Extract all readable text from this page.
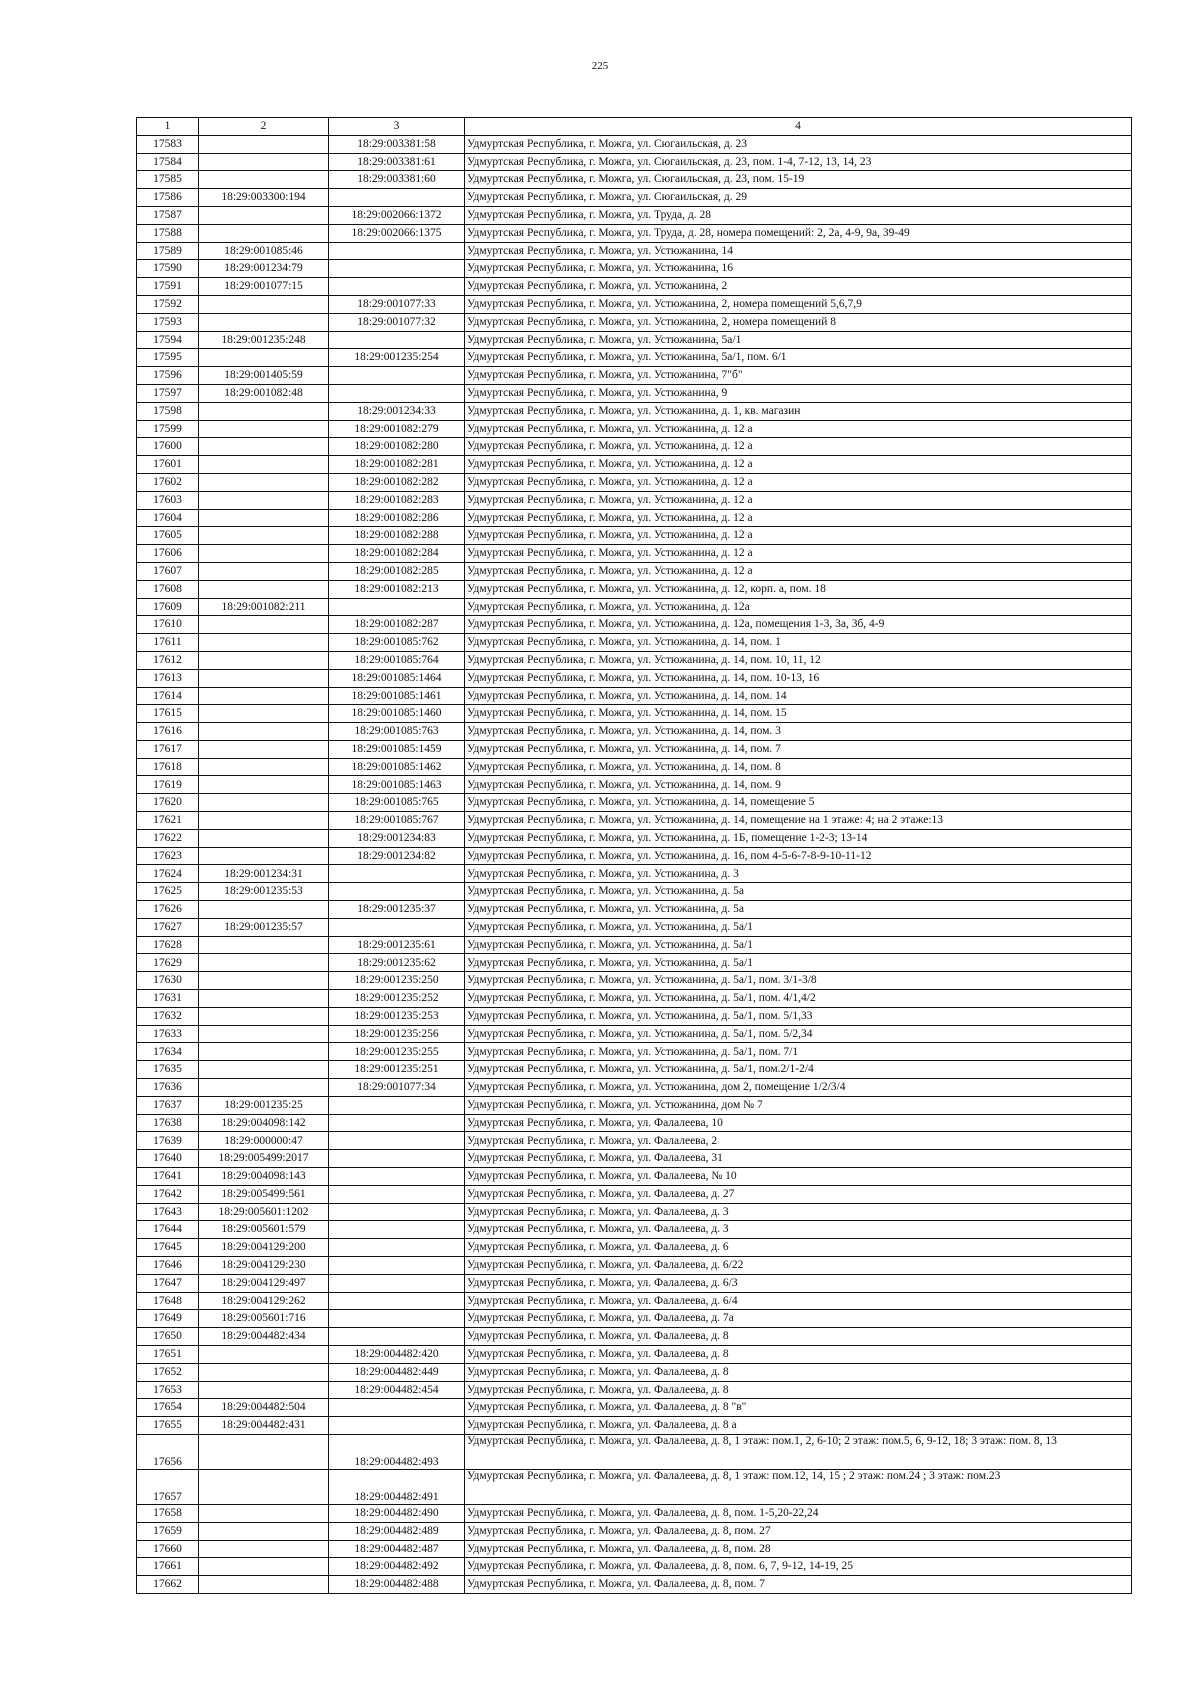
225
1	2	3	4
17583		18:29:003381:58	Удмуртская Республика, г. Можга, ул. Сюгаильская, д. 23
17584		18:29:003381:61	Удмуртская Республика, г. Можга, ул. Сюгаильская, д. 23, пом. 1-4, 7-12, 13, 14, 23
17585		18:29:003381:60	Удмуртская Республика, г. Можга, ул. Сюгаильская, д. 23, пом. 15-19
17586	18:29:003300:194		Удмуртская Республика, г. Можга, ул. Сюгаильская, д. 29
17587		18:29:002066:1372	Удмуртская Республика, г. Можга, ул. Труда, д. 28
17588		18:29:002066:1375	Удмуртская Республика, г. Можга, ул. Труда, д. 28, номера помещений: 2, 2а, 4-9, 9а, 39-49
17589	18:29:001085:46		Удмуртская Республика, г. Можга, ул. Устюжанина, 14
17590	18:29:001234:79		Удмуртская Республика, г. Можга, ул. Устюжанина, 16
17591	18:29:001077:15		Удмуртская Республика, г. Можга, ул. Устюжанина, 2
17592		18:29:001077:33	Удмуртская Республика, г. Можга, ул. Устюжанина, 2, номера помещений 5,6,7,9
17593		18:29:001077:32	Удмуртская Республика, г. Можга, ул. Устюжанина, 2, номера помещений 8
17594	18:29:001235:248		Удмуртская Республика, г. Можга, ул. Устюжанина, 5а/1
17595		18:29:001235:254	Удмуртская Республика, г. Можга, ул. Устюжанина, 5а/1, пом. 6/1
17596	18:29:001405:59		Удмуртская Республика, г. Можга, ул. Устюжанина, 7"б"
17597	18:29:001082:48		Удмуртская Республика, г. Можга, ул. Устюжанина, 9
17598		18:29:001234:33	Удмуртская Республика, г. Можга, ул. Устюжанина, д. 1, кв. магазин
17599		18:29:001082:279	Удмуртская Республика, г. Можга, ул. Устюжанина, д. 12 а
17600		18:29:001082:280	Удмуртская Республика, г. Можга, ул. Устюжанина, д. 12 а
17601		18:29:001082:281	Удмуртская Республика, г. Можга, ул. Устюжанина, д. 12 а
17602		18:29:001082:282	Удмуртская Республика, г. Можга, ул. Устюжанина, д. 12 а
17603		18:29:001082:283	Удмуртская Республика, г. Можга, ул. Устюжанина, д. 12 а
17604		18:29:001082:286	Удмуртская Республика, г. Можга, ул. Устюжанина, д. 12 а
17605		18:29:001082:288	Удмуртская Республика, г. Можга, ул. Устюжанина, д. 12 а
17606		18:29:001082:284	Удмуртская Республика, г. Можга, ул. Устюжанина, д. 12 а
17607		18:29:001082:285	Удмуртская Республика, г. Можга, ул. Устюжанина, д. 12 а
17608		18:29:001082:213	Удмуртская Республика, г. Можга, ул. Устюжанина, д. 12, корп. а, пом. 18
17609	18:29:001082:211		Удмуртская Республика, г. Можга, ул. Устюжанина, д. 12а
17610		18:29:001082:287	Удмуртская Республика, г. Можга, ул. Устюжанина, д. 12а, помещения 1-3, 3а, 3б, 4-9
17611		18:29:001085:762	Удмуртская Республика, г. Можга, ул. Устюжанина, д. 14, пом. 1
17612		18:29:001085:764	Удмуртская Республика, г. Можга, ул. Устюжанина, д. 14, пом. 10, 11, 12
17613		18:29:001085:1464	Удмуртская Республика, г. Можга, ул. Устюжанина, д. 14, пом. 10-13, 16
17614		18:29:001085:1461	Удмуртская Республика, г. Можга, ул. Устюжанина, д. 14, пом. 14
17615		18:29:001085:1460	Удмуртская Республика, г. Можга, ул. Устюжанина, д. 14, пом. 15
17616		18:29:001085:763	Удмуртская Республика, г. Можга, ул. Устюжанина, д. 14, пом. 3
17617		18:29:001085:1459	Удмуртская Республика, г. Можга, ул. Устюжанина, д. 14, пом. 7
17618		18:29:001085:1462	Удмуртская Республика, г. Можга, ул. Устюжанина, д. 14, пом. 8
17619		18:29:001085:1463	Удмуртская Республика, г. Можга, ул. Устюжанина, д. 14, пом. 9
17620		18:29:001085:765	Удмуртская Республика, г. Можга, ул. Устюжанина, д. 14, помещение 5
17621		18:29:001085:767	Удмуртская Республика, г. Можга, ул. Устюжанина, д. 14, помещение на 1 этаже: 4; на 2 этаже:13
17622		18:29:001234:83	Удмуртская Республика, г. Можга, ул. Устюжанина, д. 1Б, помещение 1-2-3; 13-14
17623		18:29:001234:82	Удмуртская Республика, г. Можга, ул. Устюжанина, д. 16, пом 4-5-6-7-8-9-10-11-12
17624	18:29:001234:31		Удмуртская Республика, г. Можга, ул. Устюжанина, д. 3
17625	18:29:001235:53		Удмуртская Республика, г. Можга, ул. Устюжанина, д. 5а
17626		18:29:001235:37	Удмуртская Республика, г. Можга, ул. Устюжанина, д. 5а
17627	18:29:001235:57		Удмуртская Республика, г. Можга, ул. Устюжанина, д. 5а/1
17628		18:29:001235:61	Удмуртская Республика, г. Можга, ул. Устюжанина, д. 5а/1
17629		18:29:001235:62	Удмуртская Республика, г. Можга, ул. Устюжанина, д. 5а/1
17630		18:29:001235:250	Удмуртская Республика, г. Можга, ул. Устюжанина, д. 5а/1, пом. 3/1-3/8
17631		18:29:001235:252	Удмуртская Республика, г. Можга, ул. Устюжанина, д. 5а/1, пом. 4/1,4/2
17632		18:29:001235:253	Удмуртская Республика, г. Можга, ул. Устюжанина, д. 5а/1, пом. 5/1,33
17633		18:29:001235:256	Удмуртская Республика, г. Можга, ул. Устюжанина, д. 5а/1, пом. 5/2,34
17634		18:29:001235:255	Удмуртская Республика, г. Можга, ул. Устюжанина, д. 5а/1, пом. 7/1
17635		18:29:001235:251	Удмуртская Республика, г. Можга, ул. Устюжанина, д. 5а/1, пом.2/1-2/4
17636		18:29:001077:34	Удмуртская Республика, г. Можга, ул. Устюжанина, дом 2, помещение 1/2/3/4
17637	18:29:001235:25		Удмуртская Республика, г. Можга, ул. Устюжанина, дом № 7
17638	18:29:004098:142		Удмуртская Республика, г. Можга, ул. Фалалеева, 10
17639	18:29:000000:47		Удмуртская Республика, г. Можга, ул. Фалалеева, 2
17640	18:29:005499:2017		Удмуртская Республика, г. Можга, ул. Фалалеева, 31
17641	18:29:004098:143		Удмуртская Республика, г. Можга, ул. Фалалеева, № 10
17642	18:29:005499:561		Удмуртская Республика, г. Можга, ул. Фалалеева, д. 27
17643	18:29:005601:1202		Удмуртская Республика, г. Можга, ул. Фалалеева, д. 3
17644	18:29:005601:579		Удмуртская Республика, г. Можга, ул. Фалалеева, д. 3
17645	18:29:004129:200		Удмуртская Республика, г. Можга, ул. Фалалеева, д. 6
17646	18:29:004129:230		Удмуртская Республика, г. Можга, ул. Фалалеева, д. 6/22
17647	18:29:004129:497		Удмуртская Республика, г. Можга, ул. Фалалеева, д. 6/3
17648	18:29:004129:262		Удмуртская Республика, г. Можга, ул. Фалалеева, д. 6/4
17649	18:29:005601:716		Удмуртская Республика, г. Можга, ул. Фалалеева, д. 7а
17650	18:29:004482:434		Удмуртская Республика, г. Можга, ул. Фалалеева, д. 8
17651		18:29:004482:420	Удмуртская Республика, г. Можга, ул. Фалалеева, д. 8
17652		18:29:004482:449	Удмуртская Республика, г. Можга, ул. Фалалеева, д. 8
17653		18:29:004482:454	Удмуртская Республика, г. Можга, ул. Фалалеева, д. 8
17654	18:29:004482:504		Удмуртская Республика, г. Можга, ул. Фалалеева, д. 8 "в"
17655	18:29:004482:431		Удмуртская Республика, г. Можга, ул. Фалалеева, д. 8 а
17656		18:29:004482:493	Удмуртская Республика, г. Можга, ул. Фалалеева, д. 8, 1 этаж: пом.1, 2, 6-10; 2 этаж: пом.5, 6, 9-12, 18; 3 этаж: пом. 8, 13
17657		18:29:004482:491	Удмуртская Республика, г. Можга, ул. Фалалеева, д. 8, 1 этаж: пом.12, 14, 15 ; 2 этаж: пом.24 ; 3 этаж: пом.23
17658		18:29:004482:490	Удмуртская Республика, г. Можга, ул. Фалалеева, д. 8, пом. 1-5,20-22,24
17659		18:29:004482:489	Удмуртская Республика, г. Можга, ул. Фалалеева, д. 8, пом. 27
17660		18:29:004482:487	Удмуртская Республика, г. Можга, ул. Фалалеева, д. 8, пом. 28
17661		18:29:004482:492	Удмуртская Республика, г. Можга, ул. Фалалеева, д. 8, пом. 6, 7, 9-12, 14-19, 25
17662		18:29:004482:488	Удмуртская Республика, г. Можга, ул. Фалалеева, д. 8, пом. 7
